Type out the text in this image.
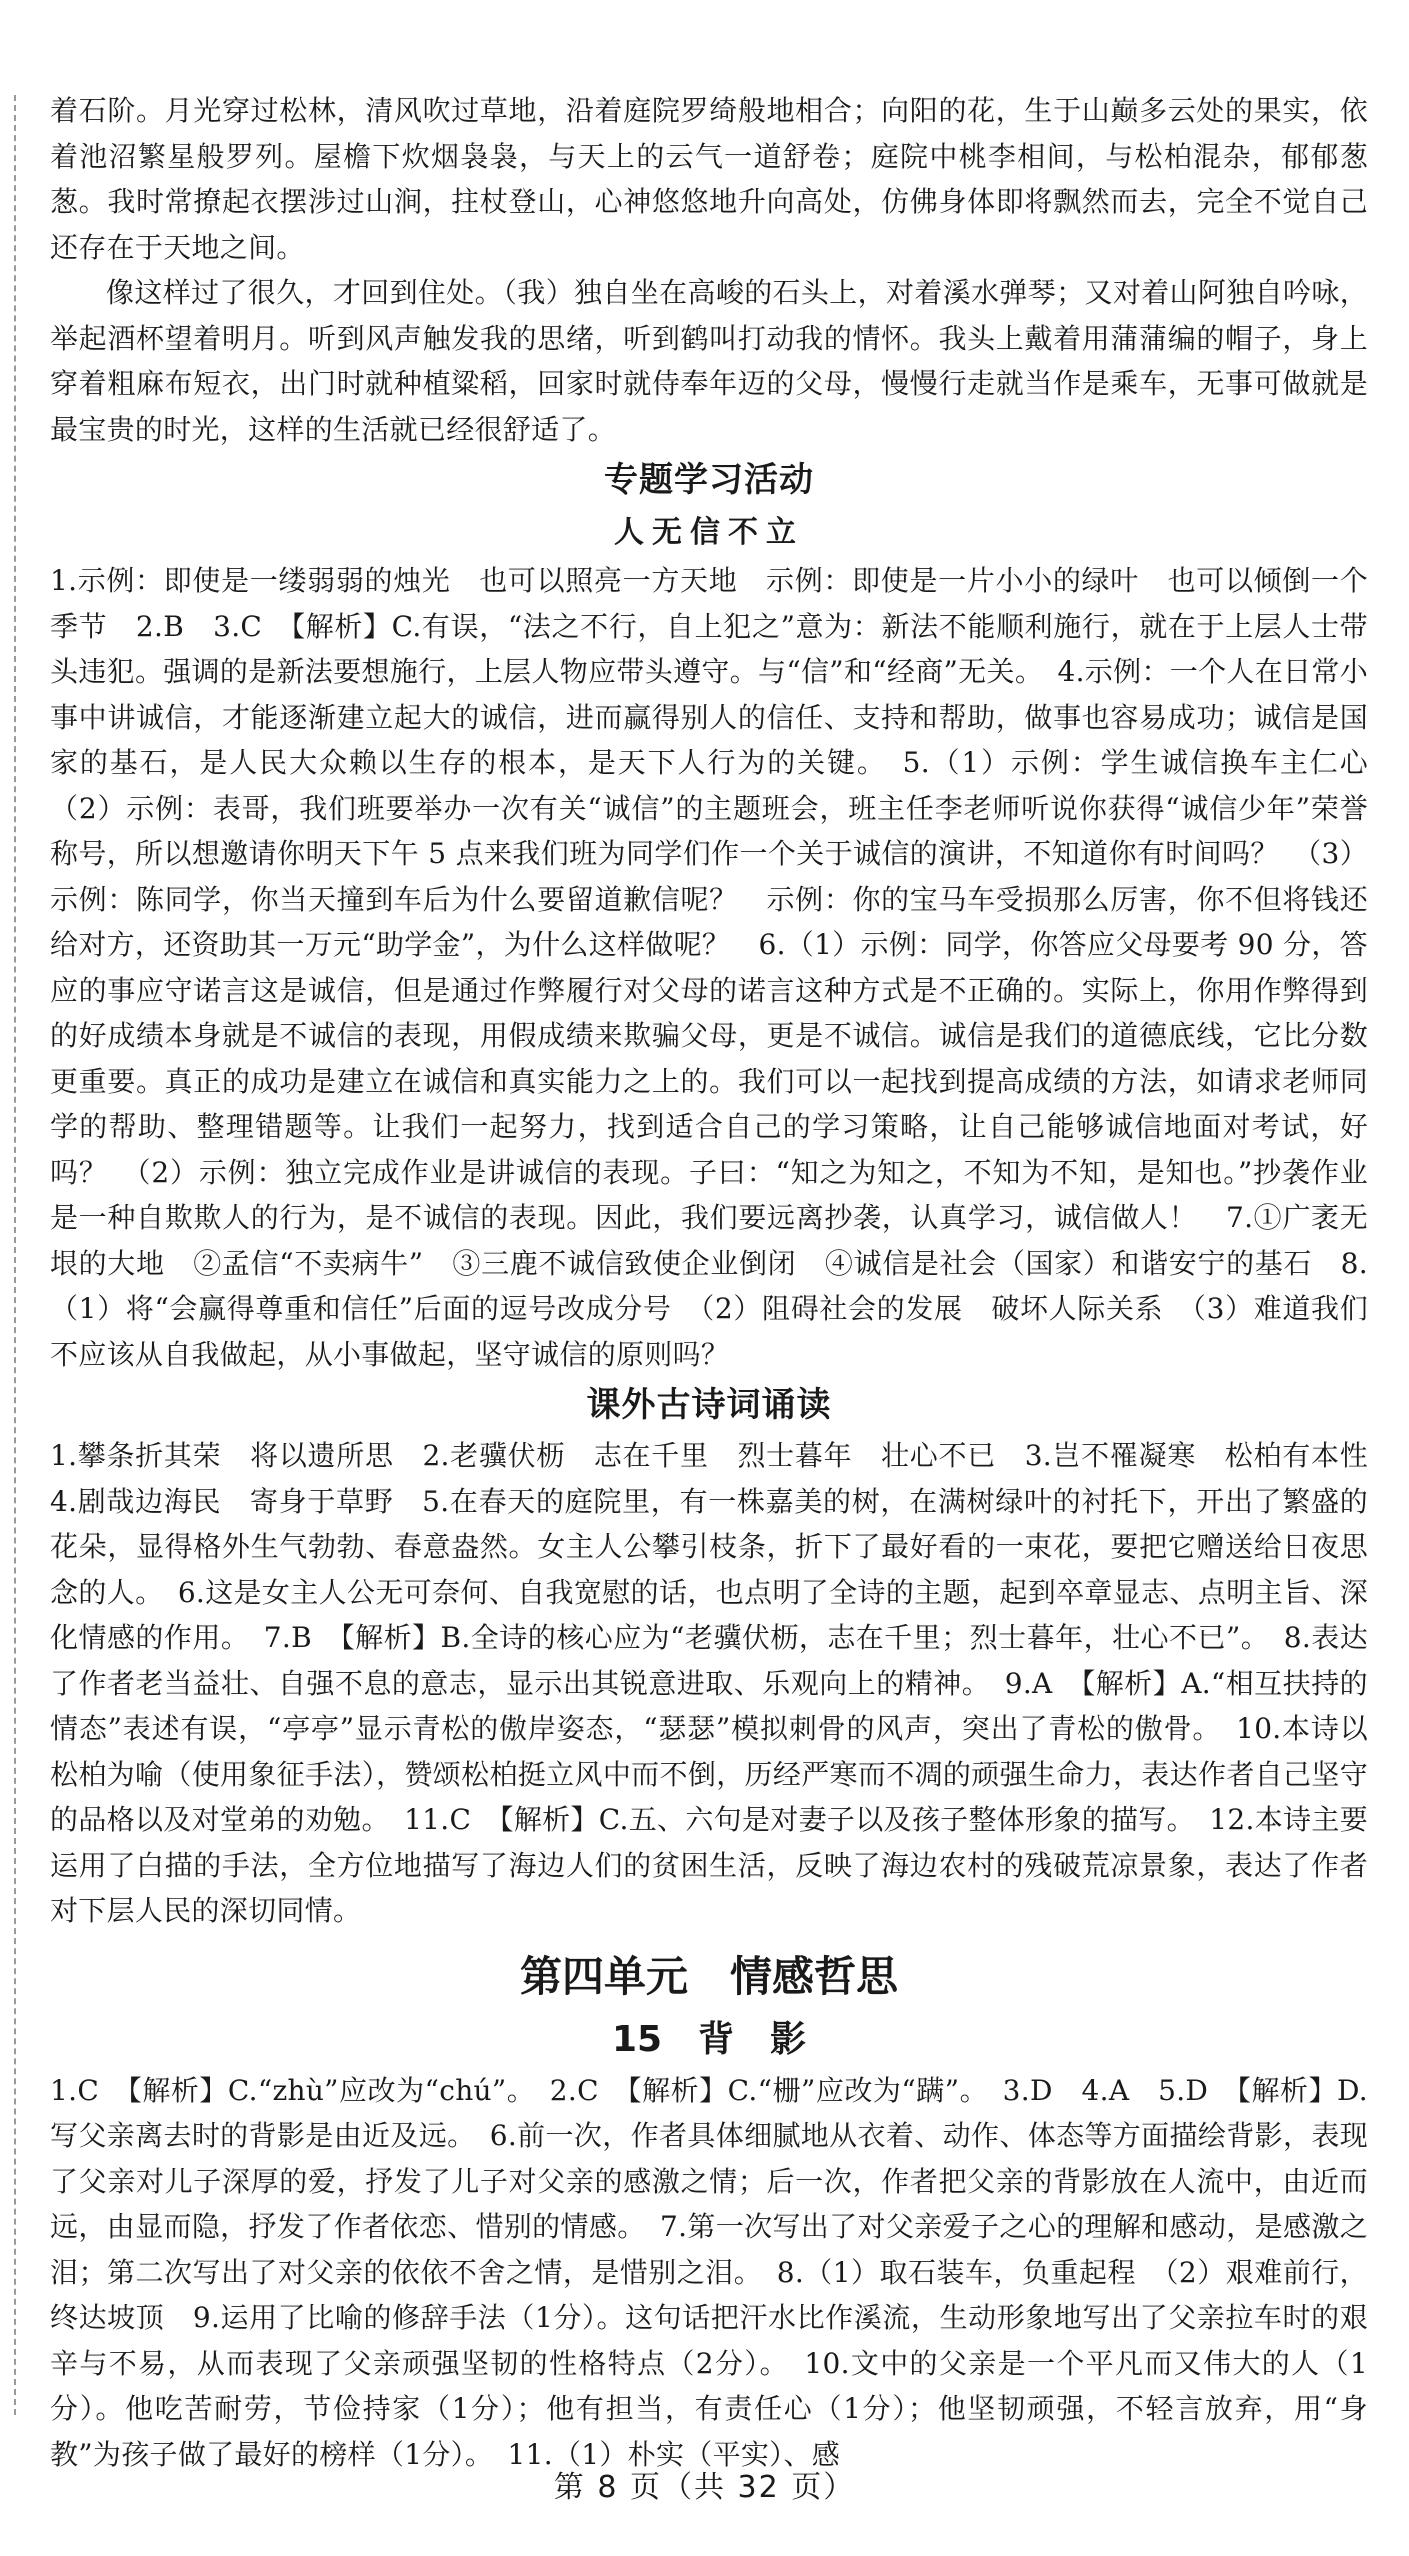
着石阶。月光穿过松林，清风吹过草地，沿着庭院罗绮般地相合；向阳的花，生于山巅多云处的果实，依着池沼繁星般罗列。屋檐下炊烟袅袅，与天上的云气一道舒卷；庭院中桃李相间，与松柏混杂，郁郁葱葱。我时常撩起衣摆涉过山涧，拄杖登山，心神悠悠地升向高处，仿佛身体即将飘然而去，完全不觉自己还存在于天地之间。

像这样过了很久，才回到住处。（我）独自坐在高峻的石头上，对着溪水弹琴；又对着山阿独自吟咏，举起酒杯望着明月。听到风声触发我的思绪，听到鹤叫打动我的情怀。我头上戴着用蒲蒲编的帽子，身上穿着粗麻布短衣，出门时就种植粱稻，回家时就侍奉年迈的父母，慢慢行走就当作是乘车，无事可做就是最宝贵的时光，这样的生活就已经很舒适了。

专题学习活动
人无信不立

1.示例：即使是一缕弱弱的烛光　也可以照亮一方天地　示例：即使是一片小小的绿叶　也可以倾倒一个季节　2.B　3.C　【解析】C.有误，“法之不行，自上犯之”意为：新法不能顺利施行，就在于上层人士带头违犯。强调的是新法要想施行，上层人物应带头遵守。与“信”和“经商”无关。　4.示例：一个人在日常小事中讲诚信，才能逐渐建立起大的诚信，进而赢得别人的信任、支持和帮助，做事也容易成功；诚信是国家的基石，是人民大众赖以生存的根本，是天下人行为的关键。　5.（1）示例：学生诚信换车主仁心　（2）示例：表哥，我们班要举办一次有关“诚信”的主题班会，班主任李老师听说你获得“诚信少年”荣誉称号，所以想邀请你明天下午 5 点来我们班为同学们作一个关于诚信的演讲，不知道你有时间吗？　（3）示例：陈同学，你当天撞到车后为什么要留道歉信呢？　示例：你的宝马车受损那么厉害，你不但将钱还给对方，还资助其一万元“助学金”，为什么这样做呢？　6.（1）示例：同学，你答应父母要考 90 分，答应的事应守诺言这是诚信，但是通过作弊履行对父母的诺言这种方式是不正确的。实际上，你用作弊得到的好成绩本身就是不诚信的表现，用假成绩来欺骗父母，更是不诚信。诚信是我们的道德底线，它比分数更重要。真正的成功是建立在诚信和真实能力之上的。我们可以一起找到提高成绩的方法，如请求老师同学的帮助、整理错题等。让我们一起努力，找到适合自己的学习策略，让自己能够诚信地面对考试，好吗？　（2）示例：独立完成作业是讲诚信的表现。子曰：“知之为知之，不知为不知，是知也。”抄袭作业是一种自欺欺人的行为，是不诚信的表现。因此，我们要远离抄袭，认真学习，诚信做人！　7.①广袤无垠的大地　②孟信“不卖病牛”　③三鹿不诚信致使企业倒闭　④诚信是社会（国家）和谐安宁的基石　8.（1）将“会赢得尊重和信任”后面的逗号改成分号　（2）阻碍社会的发展　破坏人际关系　（3）难道我们不应该从自我做起，从小事做起，坚守诚信的原则吗？

课外古诗词诵读

1.攀条折其荣　将以遗所思　2.老骥伏枥　志在千里　烈士暮年　壮心不已　3.岂不罹凝寒　松柏有本性　4.剧哉边海民　寄身于草野　5.在春天的庭院里，有一株嘉美的树，在满树绿叶的衬托下，开出了繁盛的花朵，显得格外生气勃勃、春意盎然。女主人公攀引枝条，折下了最好看的一束花，要把它赠送给日夜思念的人。　6.这是女主人公无可奈何、自我宽慰的话，也点明了全诗的主题，起到卒章显志、点明主旨、深化情感的作用。　7.B　【解析】B.全诗的核心应为“老骥伏枥，志在千里；烈士暮年，壮心不已”。　8.表达了作者老当益壮、自强不息的意志，显示出其锐意进取、乐观向上的精神。　9.A　【解析】A.“相互扶持的情态”表述有误，“亭亭”显示青松的傲岸姿态，“瑟瑟”模拟刺骨的风声，突出了青松的傲骨。　10.本诗以松柏为喻（使用象征手法），赞颂松柏挺立风中而不倒，历经严寒而不凋的顽强生命力，表达作者自己坚守的品格以及对堂弟的劝勉。　11.C　【解析】C.五、六句是对妻子以及孩子整体形象的描写。　12.本诗主要运用了白描的手法，全方位地描写了海边人们的贫困生活，反映了海边农村的残破荒凉景象，表达了作者对下层人民的深切同情。

第四单元　情感哲思
15　背　影

1.C　【解析】C.“zhù”应改为“chú”。　2.C　【解析】C.“栅”应改为“蹒”。　3.D　4.A　5.D　【解析】D.写父亲离去时的背影是由近及远。　6.前一次，作者具体细腻地从衣着、动作、体态等方面描绘背影，表现了父亲对儿子深厚的爱，抒发了儿子对父亲的感激之情；后一次，作者把父亲的背影放在人流中，由近而远，由显而隐，抒发了作者依恋、惜别的情感。　7.第一次写出了对父亲爱子之心的理解和感动，是感激之泪；第二次写出了对父亲的依依不舍之情，是惜别之泪。　8.（1）取石装车，负重起程　（2）艰难前行，终达坡顶　9.运用了比喻的修辞手法（1分）。这句话把汗水比作溪流，生动形象地写出了父亲拉车时的艰辛与不易，从而表现了父亲顽强坚韧的性格特点（2分）。　10.文中的父亲是一个平凡而又伟大的人（1分）。他吃苦耐劳，节俭持家（1分）；他有担当，有责任心（1分）；他坚韧顽强，不轻言放弃，用“身教”为孩子做了最好的榜样（1分）。　11.（1）朴实（平实）、感

第 8 页（共 32 页）
